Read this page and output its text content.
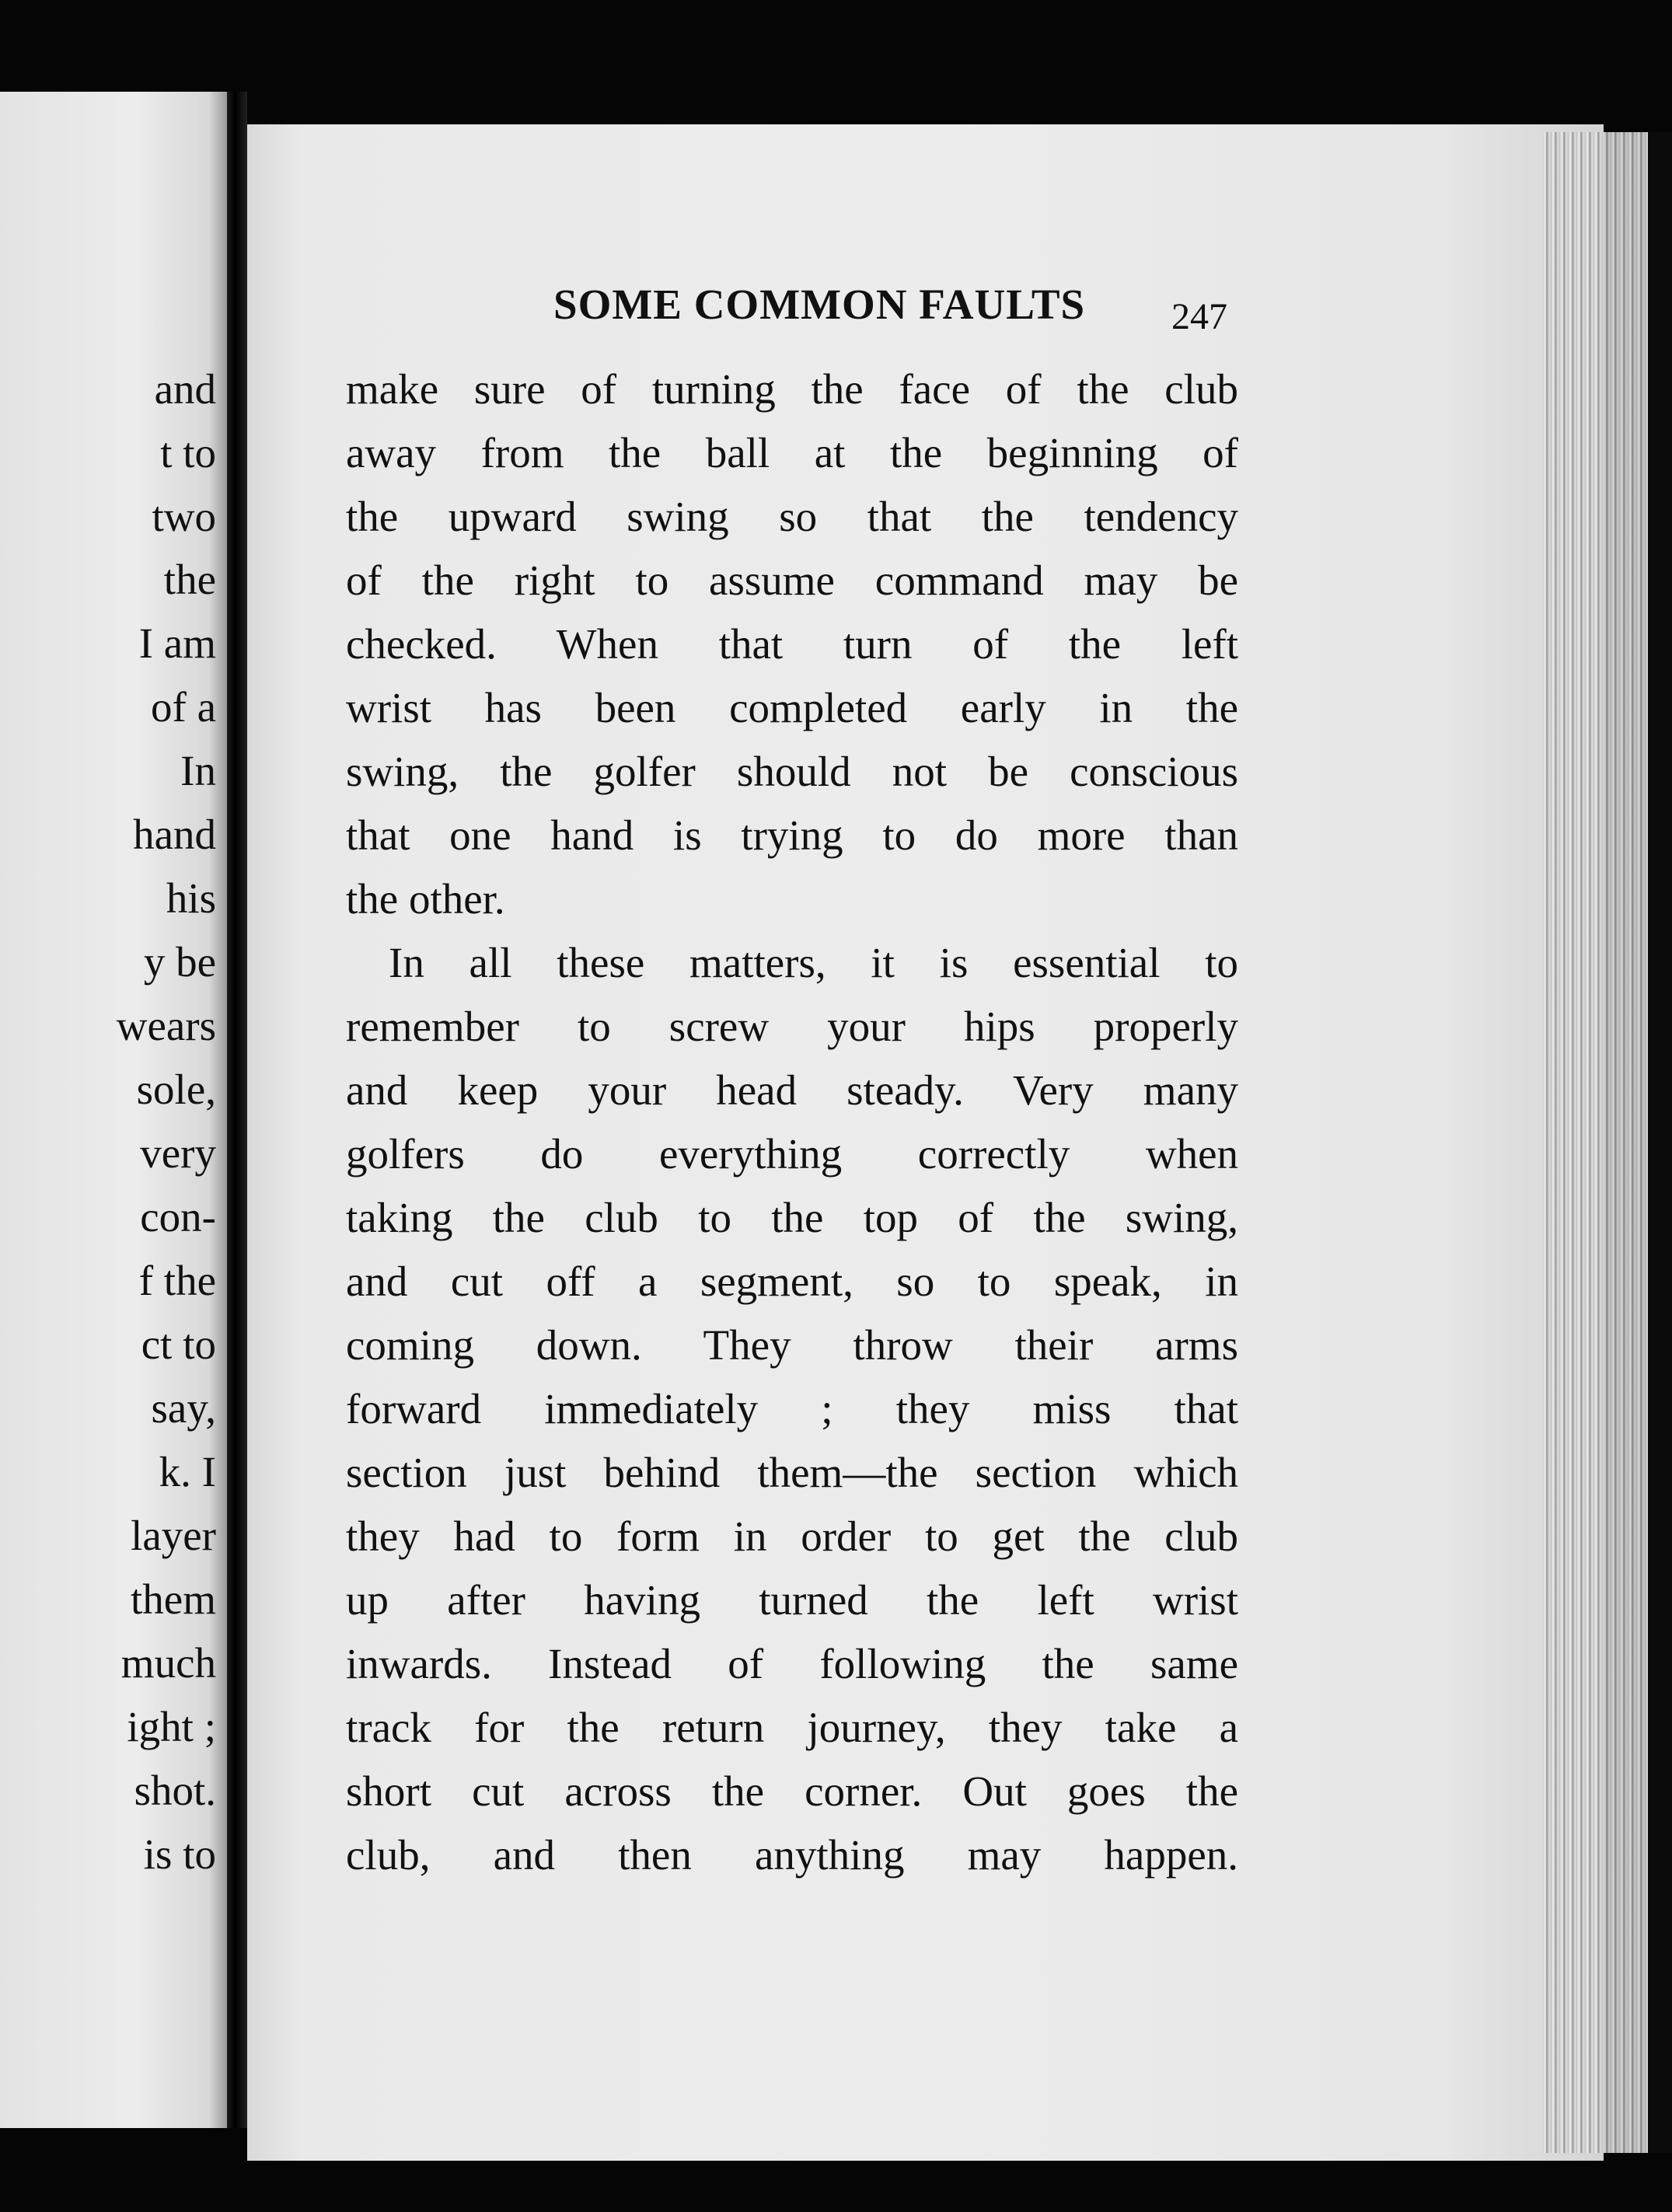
and
t to
two
the
I am
of a
In
hand
his
y be
wears
sole,
very
con-
f the
ct to
say,
k. I
layer
them
much
ight ;
shot.
is to
SOME COMMON FAULTS 247
make sure of turning the face of the club
away from the ball at the beginning of
the upward swing so that the tendency
of the right to assume command may be
checked. When that turn of the left
wrist has been completed early in the
swing, the golfer should not be conscious
that one hand is trying to do more than
the other.
In all these matters, it is essential to
remember to screw your hips properly
and keep your head steady. Very many
golfers do everything correctly when
taking the club to the top of the swing,
and cut off a segment, so to speak, in
coming down. They throw their arms
forward immediately ; they miss that
section just behind them—the section which
they had to form in order to get the club
up after having turned the left wrist
inwards. Instead of following the same
track for the return journey, they take a
short cut across the corner. Out goes the
club, and then anything may happen.
